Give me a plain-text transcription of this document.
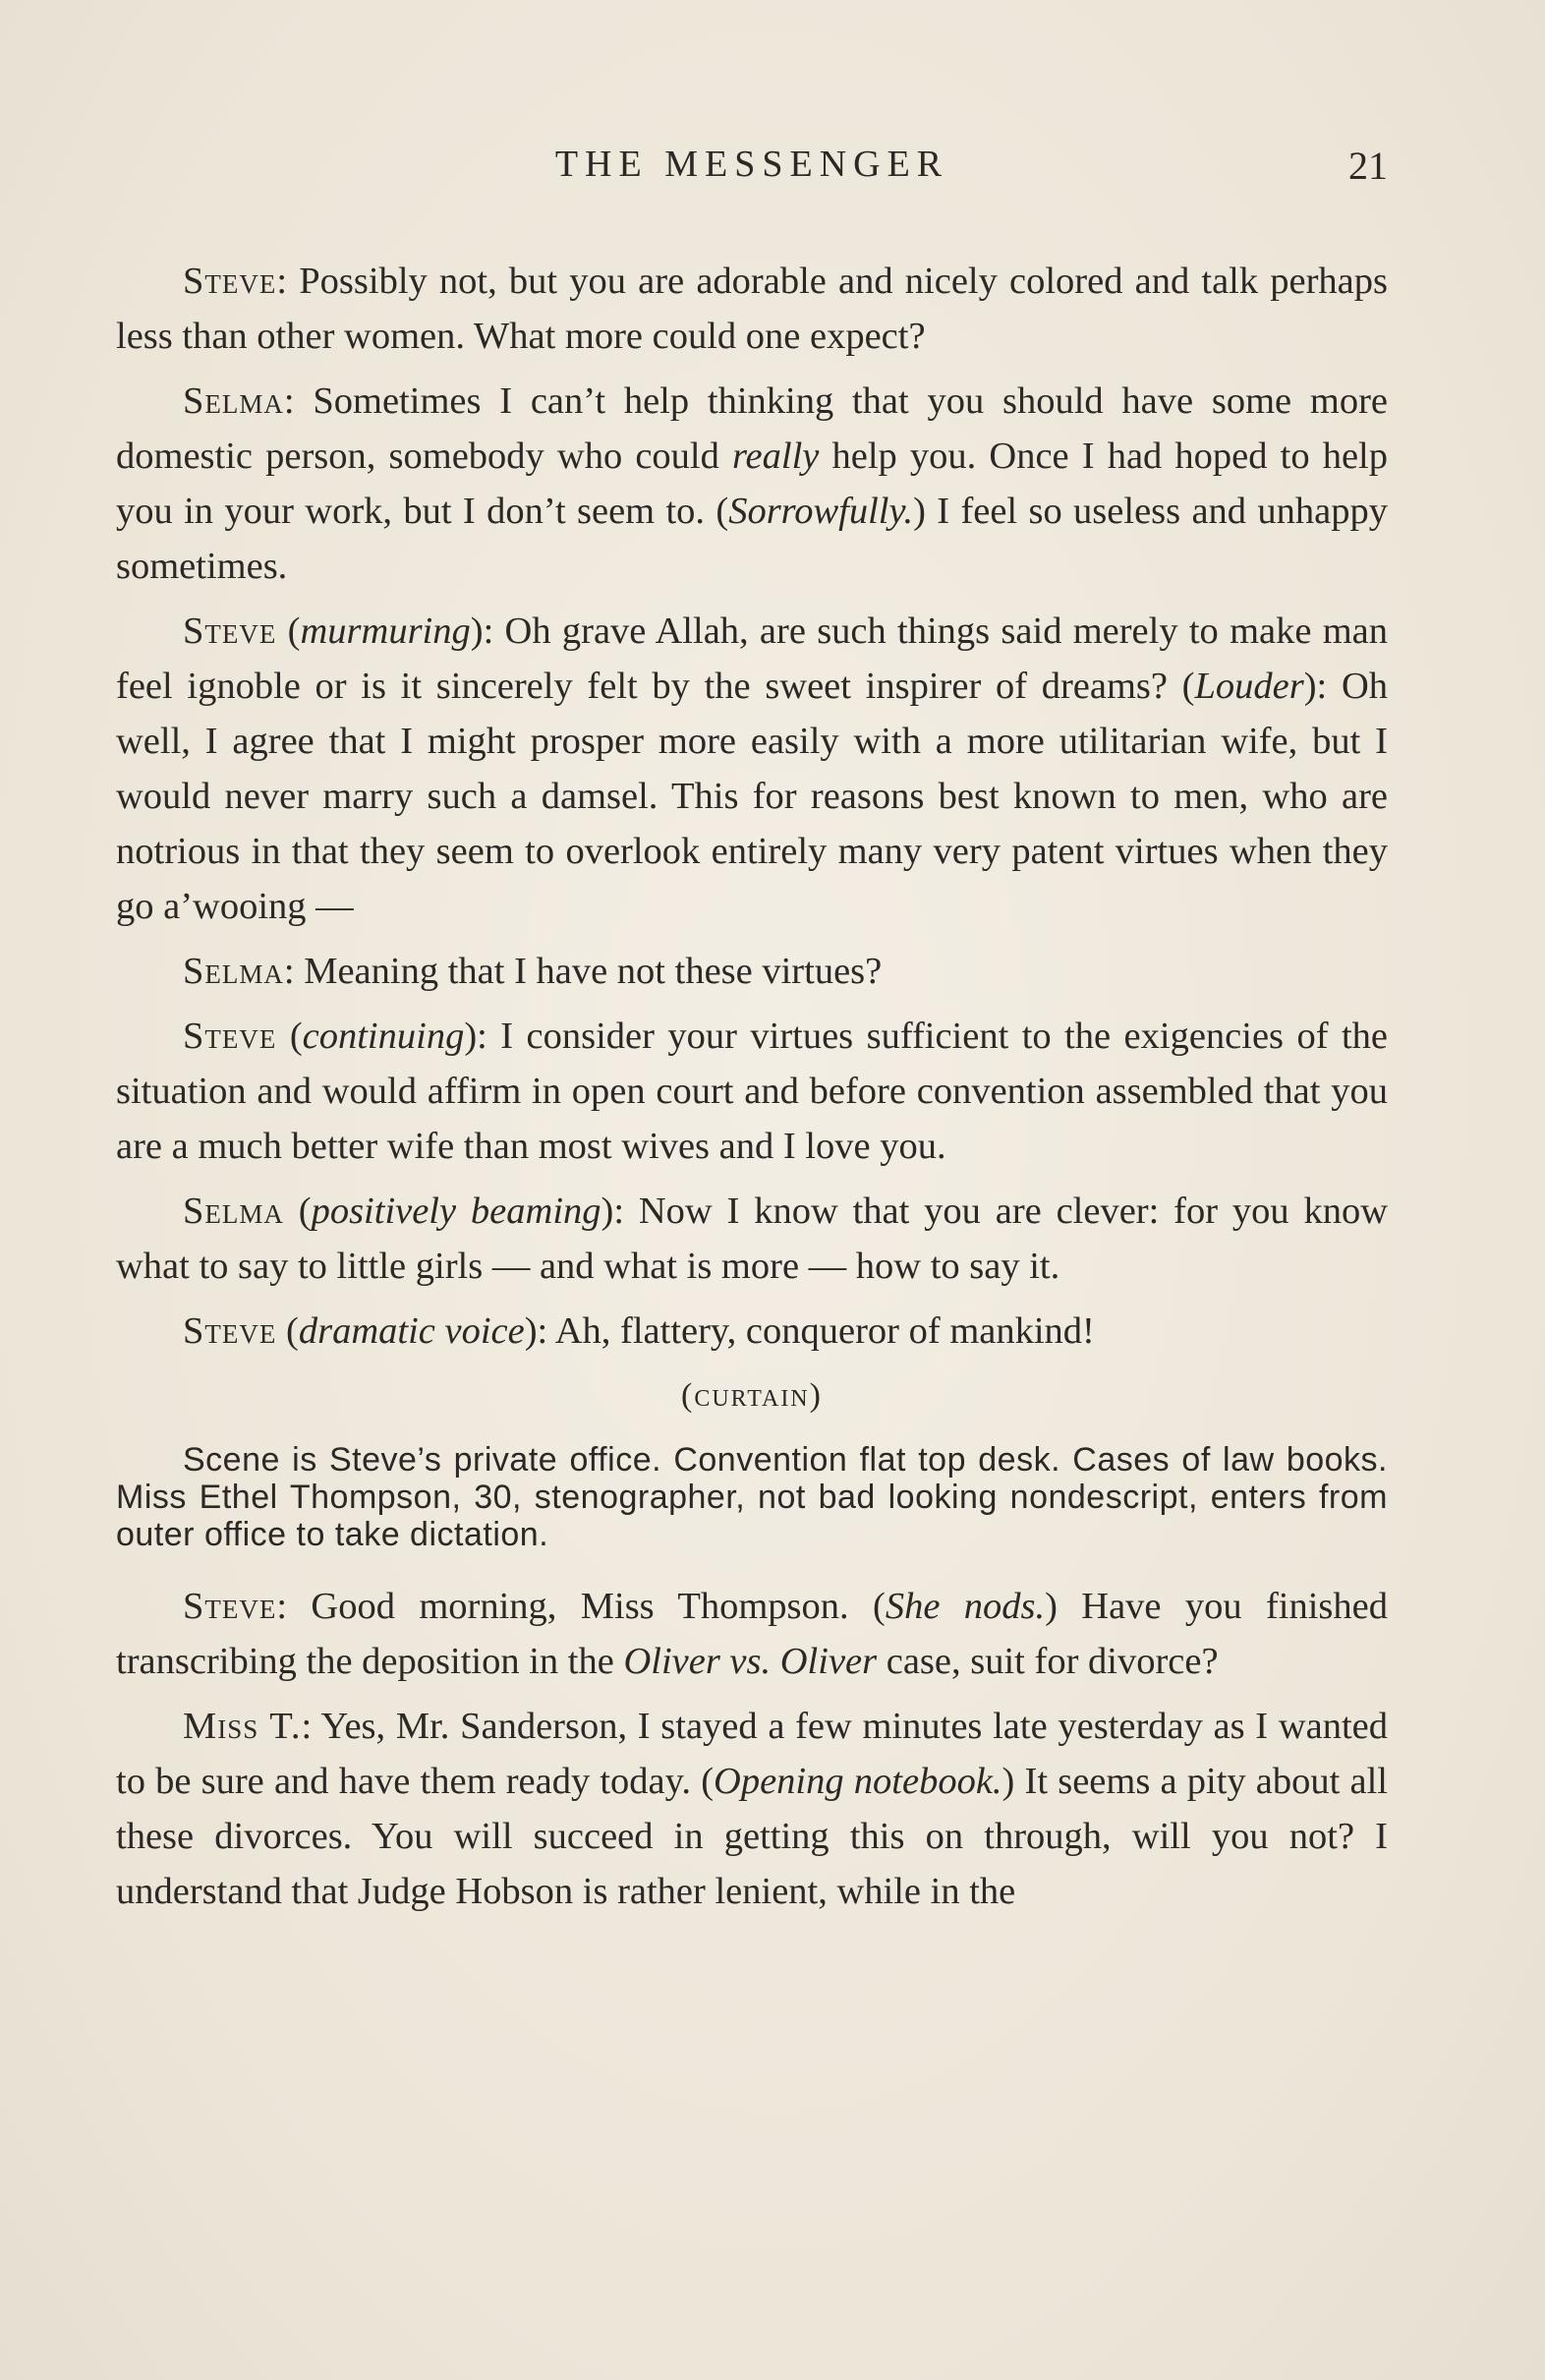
THE MESSENGER	21

Steve: Possibly not, but you are adorable and nicely colored and talk perhaps less than other women. What more could one expect?

Selma: Sometimes I can’t help thinking that you should have some more domestic person, somebody who could really help you. Once I had hoped to help you in your work, but I don’t seem to. (Sorrowfully.) I feel so useless and unhappy sometimes.

Steve (murmuring): Oh grave Allah, are such things said merely to make man feel ignoble or is it sincerely felt by the sweet inspirer of dreams? (Louder): Oh well, I agree that I might prosper more easily with a more utilitarian wife, but I would never marry such a damsel. This for reasons best known to men, who are notrious in that they seem to overlook entirely many very patent virtues when they go a’wooing —

Selma: Meaning that I have not these virtues?

Steve (continuing): I consider your virtues sufficient to the exigencies of the situation and would affirm in open court and before convention assembled that you are a much better wife than most wives and I love you.

Selma (positively beaming): Now I know that you are clever: for you know what to say to little girls — and what is more — how to say it.

Steve (dramatic voice): Ah, flattery, conqueror of mankind!

(curtain)
Scene is Steve’s private office. Convention flat top desk. Cases of law books. Miss Ethel Thompson, 30, stenographer, not bad looking nondescript, enters from outer office to take dictation.

Steve: Good morning, Miss Thompson. (She nods.) Have you finished transcribing the deposition in the Oliver vs. Oliver case, suit for divorce?

Miss T.: Yes, Mr. Sanderson, I stayed a few minutes late yesterday as I wanted to be sure and have them ready today. (Opening notebook.) It seems a pity about all these divorces. You will succeed in getting this on through, will you not? I understand that Judge Hobson is rather lenient, while in the
